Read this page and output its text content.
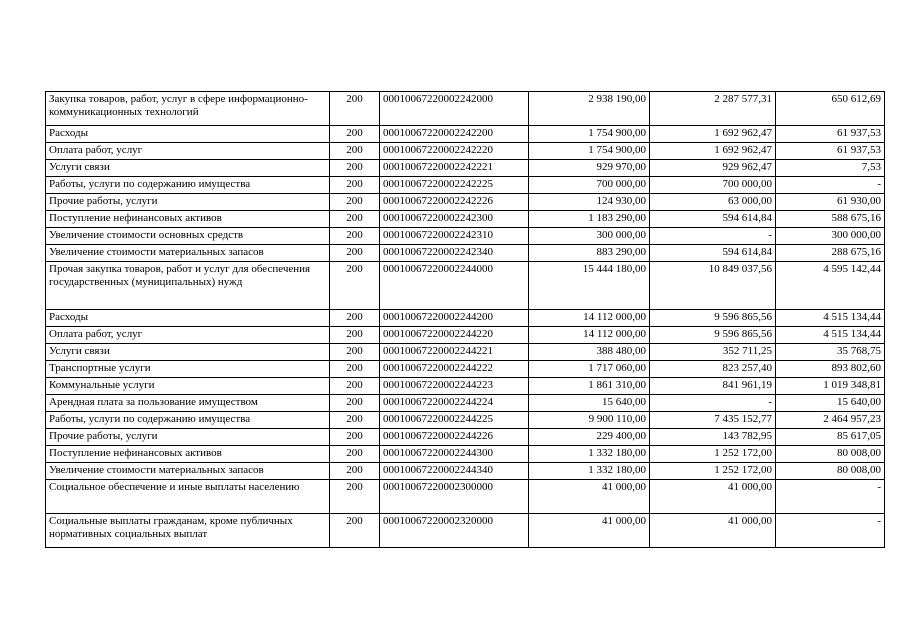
Закупка товаров, работ, услуг в сфере информационно-коммуникационных технологий	200	00010067220002242000	2 938 190,00	2 287 577,31	650 612,69
Расходы	200	00010067220002242200	1 754 900,00	1 692 962,47	61 937,53
Оплата работ, услуг	200	00010067220002242220	1 754 900,00	1 692 962,47	61 937,53
Услуги связи	200	00010067220002242221	929 970,00	929 962,47	7,53
Работы, услуги по содержанию имущества	200	00010067220002242225	700 000,00	700 000,00	-
Прочие работы, услуги	200	00010067220002242226	124 930,00	63 000,00	61 930,00
Поступление нефинансовых активов	200	00010067220002242300	1 183 290,00	594 614,84	588 675,16
Увеличение стоимости основных средств	200	00010067220002242310	300 000,00	-	300 000,00
Увеличение стоимости материальных запасов	200	00010067220002242340	883 290,00	594 614,84	288 675,16
Прочая закупка товаров, работ и услуг для обеспечения государственных (муниципальных) нужд	200	00010067220002244000	15 444 180,00	10 849 037,56	4 595 142,44
Расходы	200	00010067220002244200	14 112 000,00	9 596 865,56	4 515 134,44
Оплата работ, услуг	200	00010067220002244220	14 112 000,00	9 596 865,56	4 515 134,44
Услуги связи	200	00010067220002244221	388 480,00	352 711,25	35 768,75
Транспортные услуги	200	00010067220002244222	1 717 060,00	823 257,40	893 802,60
Коммунальные услуги	200	00010067220002244223	1 861 310,00	841 961,19	1 019 348,81
Арендная плата за пользование имуществом	200	00010067220002244224	15 640,00	-	15 640,00
Работы, услуги по содержанию имущества	200	00010067220002244225	9 900 110,00	7 435 152,77	2 464 957,23
Прочие работы, услуги	200	00010067220002244226	229 400,00	143 782,95	85 617,05
Поступление нефинансовых активов	200	00010067220002244300	1 332 180,00	1 252 172,00	80 008,00
Увеличение стоимости материальных запасов	200	00010067220002244340	1 332 180,00	1 252 172,00	80 008,00
Социальное обеспечение и иные выплаты населению	200	00010067220002300000	41 000,00	41 000,00	-
Социальные выплаты гражданам, кроме публичных нормативных социальных выплат	200	00010067220002320000	41 000,00	41 000,00	-
